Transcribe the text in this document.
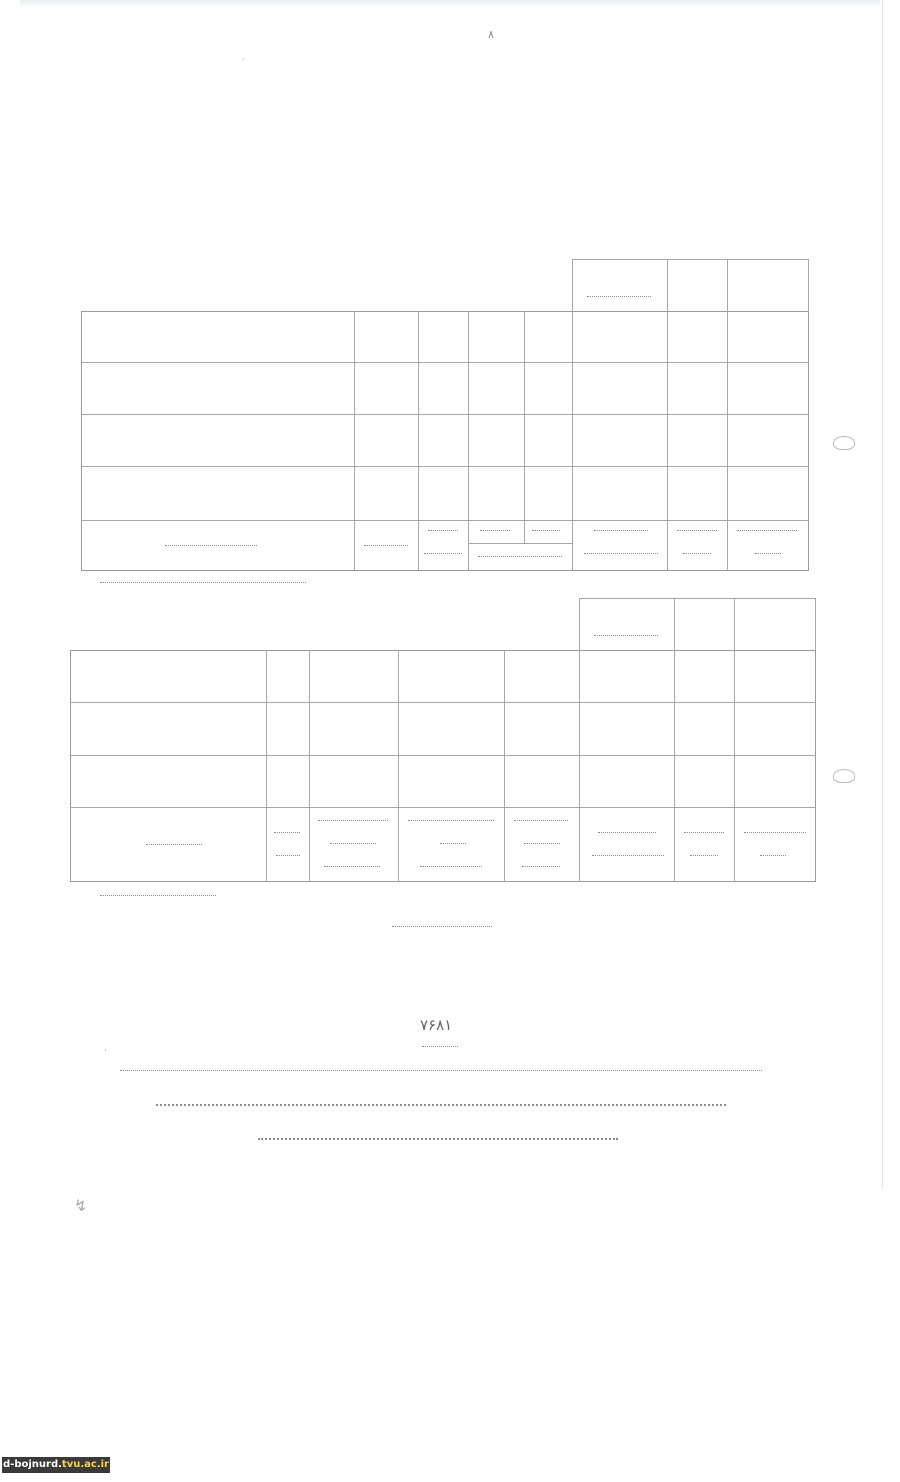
۸
·
۷۶۸۱
·
↯
d-bojnurd.tvu.ac.ir
